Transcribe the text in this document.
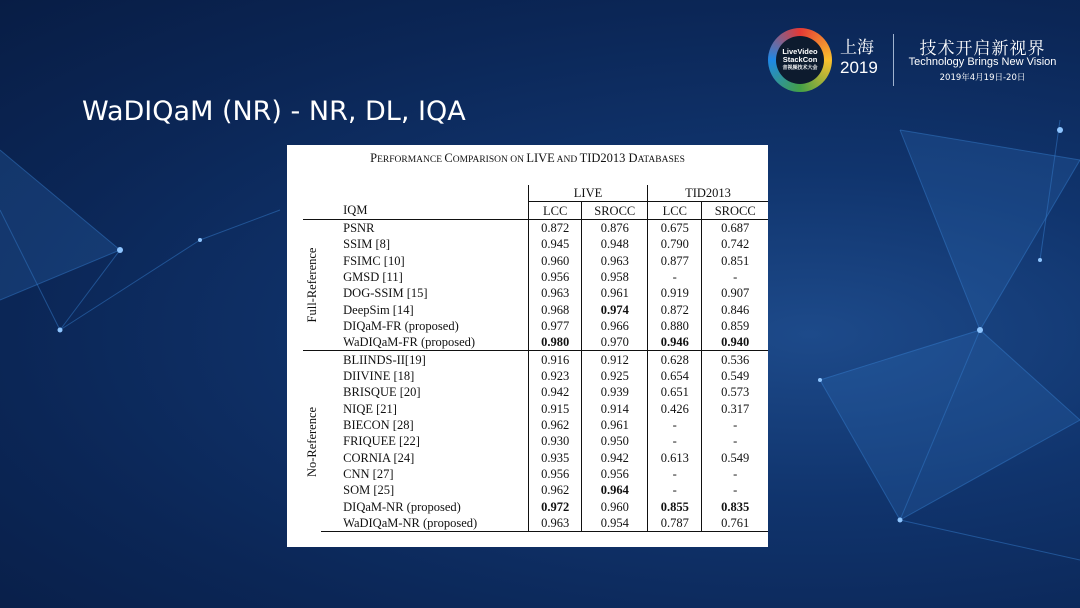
LiveVideo
StackCon
音视频技术大会
上海
2019
技术开启新视界
Technology Brings New Vision
2019年4月19日-20日
WaDIQaM (NR) - NR, DL, IQA
PERFORMANCE COMPARISON ON LIVE AND TID2013 DATABASES
		LIVE		TID2013	
	IQM	LCC	SROCC	LCC	SROCC

Full-Reference	PSNR	0.872	0.876	0.675	0.687
	SSIM [8]	0.945	0.948	0.790	0.742
	FSIMC [10]	0.960	0.963	0.877	0.851
	GMSD [11]	0.956	0.958	-	-
	DOG-SSIM [15]	0.963	0.961	0.919	0.907
	DeepSim [14]	0.968	0.974	0.872	0.846
	DIQaM-FR (proposed)	0.977	0.966	0.880	0.859
	WaDIQaM-FR (proposed)	0.980	0.970	0.946	0.940

No-Reference	BLIINDS-II[19]	0.916	0.912	0.628	0.536
	DIIVINE [18]	0.923	0.925	0.654	0.549
	BRISQUE [20]	0.942	0.939	0.651	0.573
	NIQE [21]	0.915	0.914	0.426	0.317
	BIECON [28]	0.962	0.961	-	-
	FRIQUEE [22]	0.930	0.950	-	-
	CORNIA [24]	0.935	0.942	0.613	0.549
	CNN [27]	0.956	0.956	-	-
	SOM [25]	0.962	0.964	-	-
	DIQaM-NR (proposed)	0.972	0.960	0.855	0.835
	WaDIQaM-NR (proposed)	0.963	0.954	0.787	0.761
